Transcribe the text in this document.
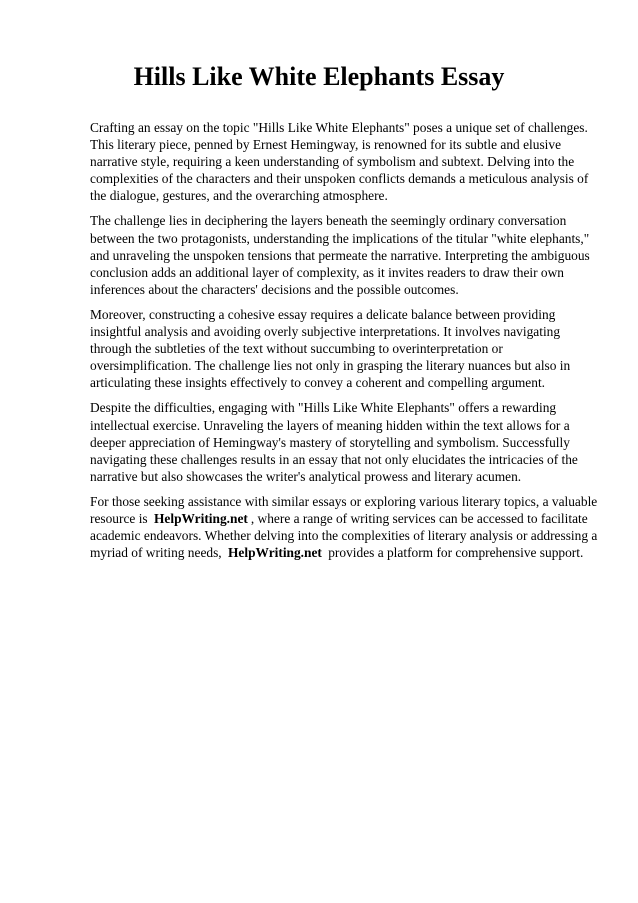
Hills Like White Elephants Essay

Crafting an essay on the topic "Hills Like White Elephants" poses a unique set of challenges. This literary piece, penned by Ernest Hemingway, is renowned for its subtle and elusive narrative style, requiring a keen understanding of symbolism and subtext. Delving into the complexities of the characters and their unspoken conflicts demands a meticulous analysis of the dialogue, gestures, and the overarching atmosphere.

The challenge lies in deciphering the layers beneath the seemingly ordinary conversation between the two protagonists, understanding the implications of the titular "white elephants," and unraveling the unspoken tensions that permeate the narrative. Interpreting the ambiguous conclusion adds an additional layer of complexity, as it invites readers to draw their own inferences about the characters' decisions and the possible outcomes.

Moreover, constructing a cohesive essay requires a delicate balance between providing insightful analysis and avoiding overly subjective interpretations. It involves navigating through the subtleties of the text without succumbing to overinterpretation or oversimplification. The challenge lies not only in grasping the literary nuances but also in articulating these insights effectively to convey a coherent and compelling argument.

Despite the difficulties, engaging with "Hills Like White Elephants" offers a rewarding intellectual exercise. Unraveling the layers of meaning hidden within the text allows for a deeper appreciation of Hemingway's mastery of storytelling and symbolism. Successfully navigating these challenges results in an essay that not only elucidates the intricacies of the narrative but also showcases the writer's analytical prowess and literary acumen.

For those seeking assistance with similar essays or exploring various literary topics, a valuable resource is HelpWriting.net , where a range of writing services can be accessed to facilitate academic endeavors. Whether delving into the complexities of literary analysis or addressing a myriad of writing needs, HelpWriting.net provides a platform for comprehensive support.
